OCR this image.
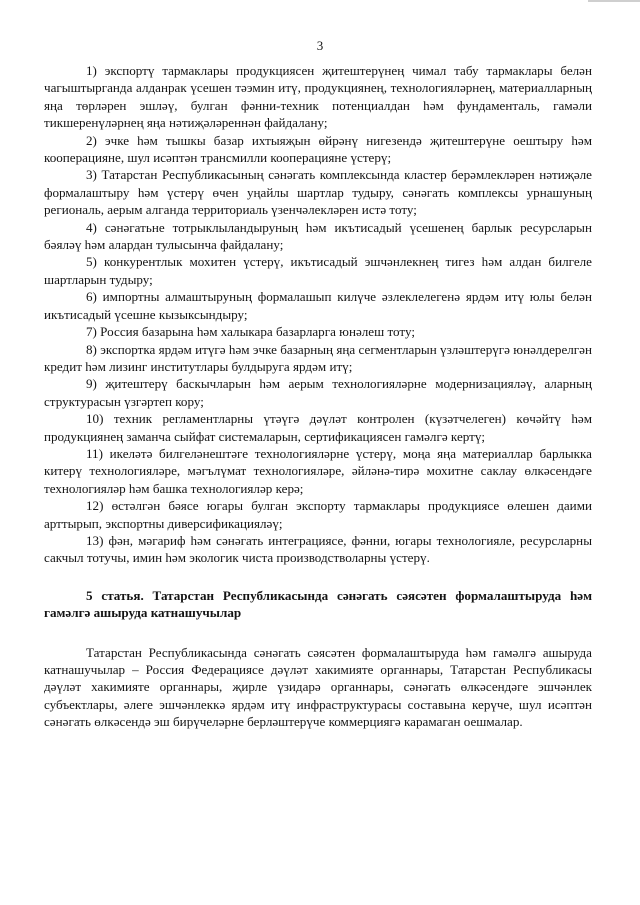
3

1) экспортү тармаклары продукциясен җитештерүнең чимал табу тармаклары белән чагыштырганда алданрак үсешен тәэмин итү, продукциянең, технологияләрнең, материалларның яңа төрләрен эшләү, булган фәнни-техник потенциалдан һәм фундаменталь, гамәли тикшеренүләрнең яңа нәтиҗәләреннән файдалану;

2) эчке һәм тышкы базар ихтыяҗын өйрәнү нигезендә җитештерүне оештыру һәм кооперацияне, шул исәптән трансмилли кооперацияне үстерү;

3) Татарстан Республикасының сәнәгать комплексында кластер берәмлекләрен нәтиҗәле формалаштыру һәм үстерү өчен уңайлы шартлар тудыру, сәнәгать комплексы урнашуның региональ, аерым алганда территориаль үзенчәлекләрен истә тоту;

4) сәнәгатьне тотрыклыландыруның һәм икътисадый үсешенең барлык ресурсларын бәяләү һәм алардан тулысынча файдалану;

5) конкурентлык мохитен үстерү, икътисадый эшчәнлекнең тигез һәм алдан билгеле шартларын тудыру;

6) импортны алмаштыруның формалашып килүче әзлеклелегенә ярдәм итү юлы белән икътисадый үсешне кызыксындыру;

7) Россия базарына һәм халыкара базарларга юнәлеш тоту;

8) экспортка ярдәм итүгә һәм эчке базарның яңа сегментларын үзләштерүгә юнәлдерелгән кредит һәм лизинг институтлары булдыруга ярдәм итү;

9) җитештерү баскычларын һәм аерым технологияләрне модернизацияләү, аларның структурасын үзгәртеп кору;

10) техник регламентларны үтәүгә дәүләт контролен (күзәтчелеген) көчәйтү һәм продукциянең заманча сыйфат системаларын, сертификациясен гамәлгә кертү;

11) икеләтә билгеләнештәге технологияләрне үстерү, моңа яңа материаллар барлыкка китерү технологияләре, мәгълүмат технологияләре, әйләнә-тирә мохитне саклау өлкәсендәге технологияләр һәм башка технологияләр керә;

12) өстәлгән бәясе югары булган экспорту тармаклары продукциясе өлешен даими арттырып, экспортны диверсификацияләү;

13) фән, мәгариф һәм сәнәгать интеграциясе, фәнни, югары технологияле, ресурсларны сакчыл тотучы, имин һәм экологик чиста производстволарны үстерү.

5 статья. Татарстан Республикасында сәнәгать сәясәтен формалаштыруда һәм гамәлгә ашыруда катнашучылар

Татарстан Республикасында сәнәгать сәясәтен формалаштыруда һәм гамәлгә ашыруда катнашучылар – Россия Федерациясе дәүләт хакимияте органнары, Татарстан Республикасы дәүләт хакимияте органнары, җирле үзидарә органнары, сәнәгать өлкәсендәге эшчәнлек субъектлары, әлеге эшчәнлеккә ярдәм итү инфраструктурасы составына керүче, шул исәптән сәнәгать өлкәсендә эш бирүчеләрне берләштерүче коммерциягә карамаган оешмалар.
